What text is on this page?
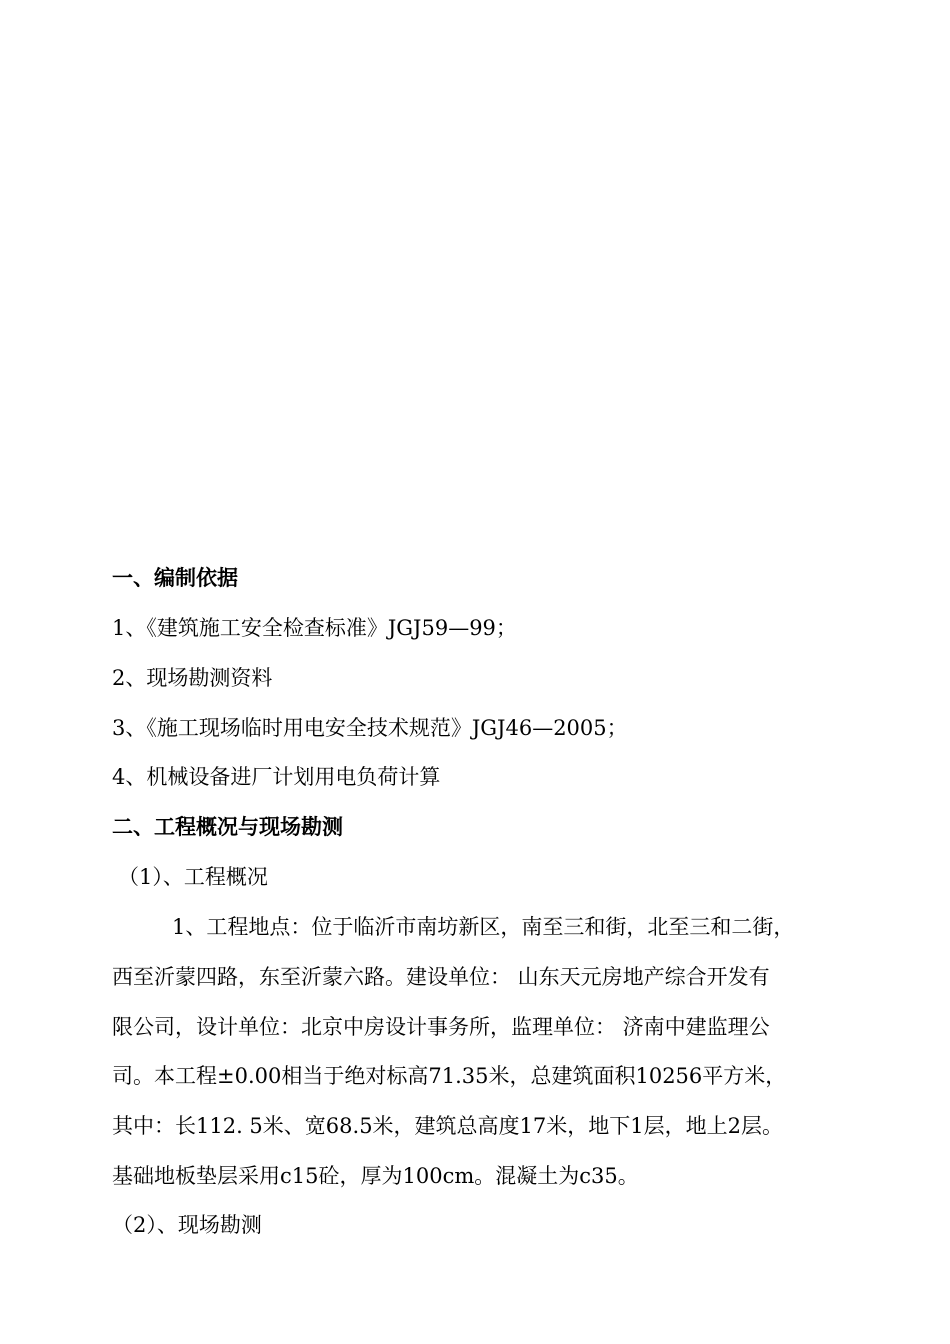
一、编制依据

1、《建筑施工安全检查标准》JGJ59—99；

2、现场勘测资料

3、《施工现场临时用电安全技术规范》JGJ46—2005；

4、机械设备进厂计划用电负荷计算

二、工程概况与现场勘测

（1）、工程概况

1、工程地点：位于临沂市南坊新区，南至三和街，北至三和二街，

西至沂蒙四路，东至沂蒙六路。建设单位： 山东天元房地产综合开发有

限公司，设计单位：北京中房设计事务所，监理单位： 济南中建监理公

司。本工程±0.00相当于绝对标高71.35米，总建筑面积10256平方米，

其中：长112. 5米、宽68.5米，建筑总高度17米，地下1层，地上2层。

基础地板垫层采用c15砼，厚为100cm。混凝土为c35。

（2）、现场勘测
